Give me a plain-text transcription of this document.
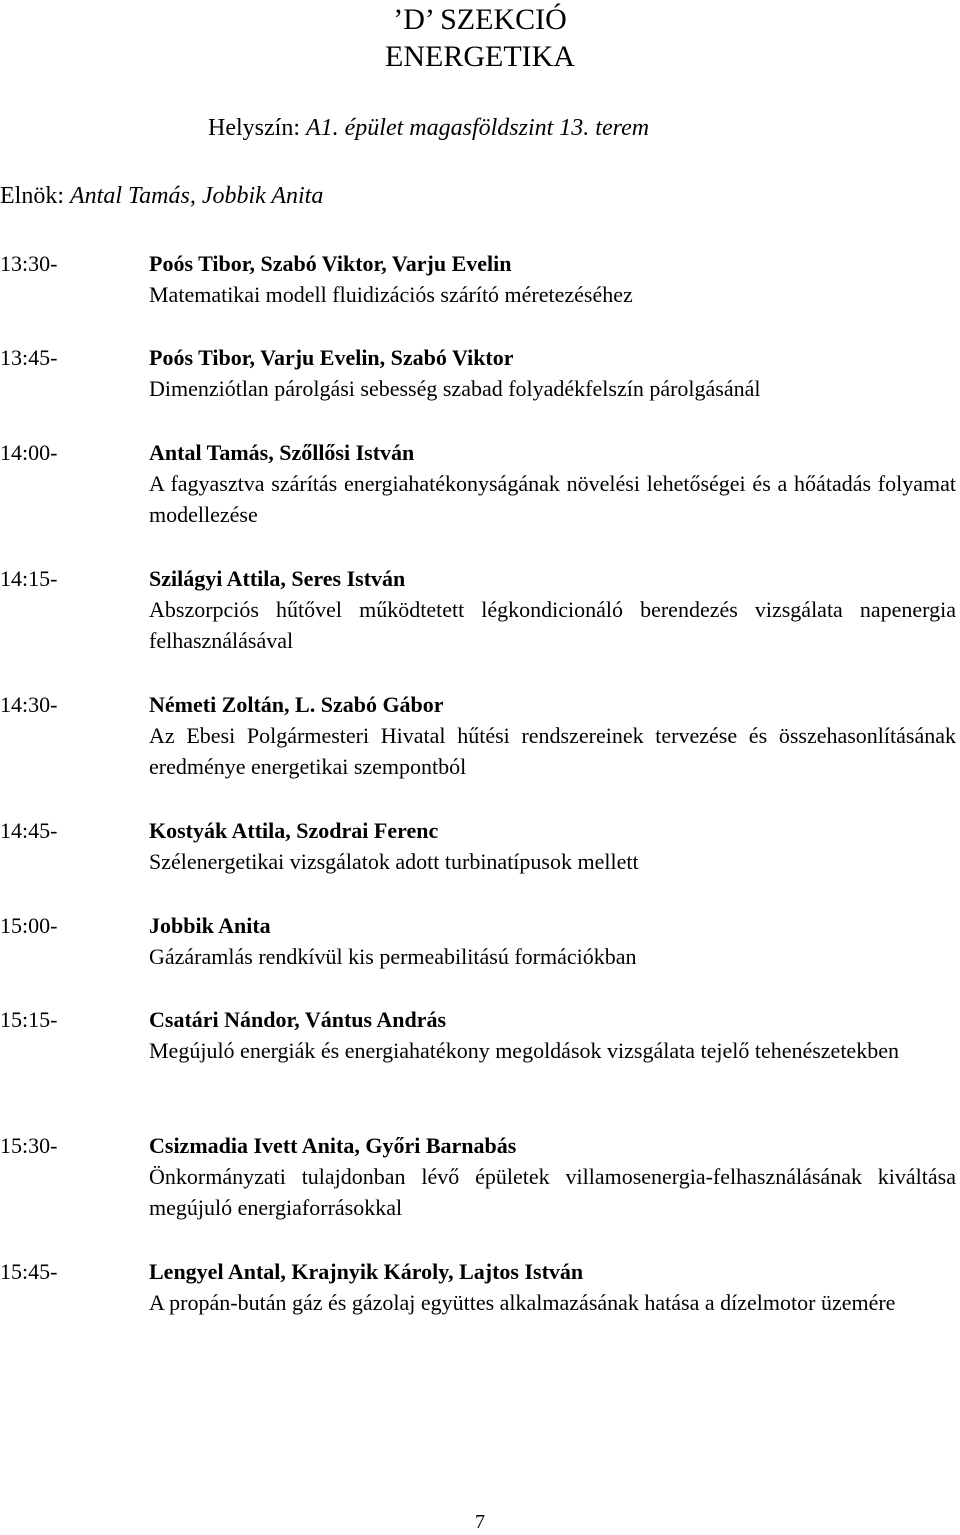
’D’ SZEKCIÓ
ENERGETIKA
Helyszín: A1. épület magasföldszint 13. terem
Elnök: Antal Tamás, Jobbik Anita
13:30-	Poós Tibor, Szabó Viktor, Varju Evelin
Matematikai modell fluidizációs szárító méretezéséhez
13:45-	Poós Tibor, Varju Evelin, Szabó Viktor
Dimenziótlan párolgási sebesség szabad folyadékfelszín párolgásánál
14:00-	Antal Tamás, Szőllősi István
A fagyasztva szárítás energiahatékonyságának növelési lehetőségei és a hőátadás folyamat modellezése
14:15-	Szilágyi Attila, Seres István
Abszorpciós hűtővel működtetett légkondicionáló berendezés vizsgálata napenergia felhasználásával
14:30-	Németi Zoltán, L. Szabó Gábor
Az Ebesi Polgármesteri Hivatal hűtési rendszereinek tervezése és összehasonlításának eredménye energetikai szempontból
14:45-	Kostyák Attila, Szodrai Ferenc
Szélenergetikai vizsgálatok adott turbinatípusok mellett
15:00-	Jobbik Anita
Gázáramlás rendkívül kis permeabilitású formációkban
15:15-	Csatári Nándor, Vántus András
Megújuló energiák és energiahatékony megoldások vizsgálata tejelő tehenészetekben
15:30-	Csizmadia Ivett Anita, Győri Barnabás
Önkormányzati tulajdonban lévő épületek villamosenergia-felhasználásának kiváltása megújuló energiaforrásokkal
15:45-	Lengyel Antal, Krajnyik Károly, Lajtos István
A propán-bután gáz és gázolaj együttes alkalmazásának hatása a dízelmotor üzemére
7
